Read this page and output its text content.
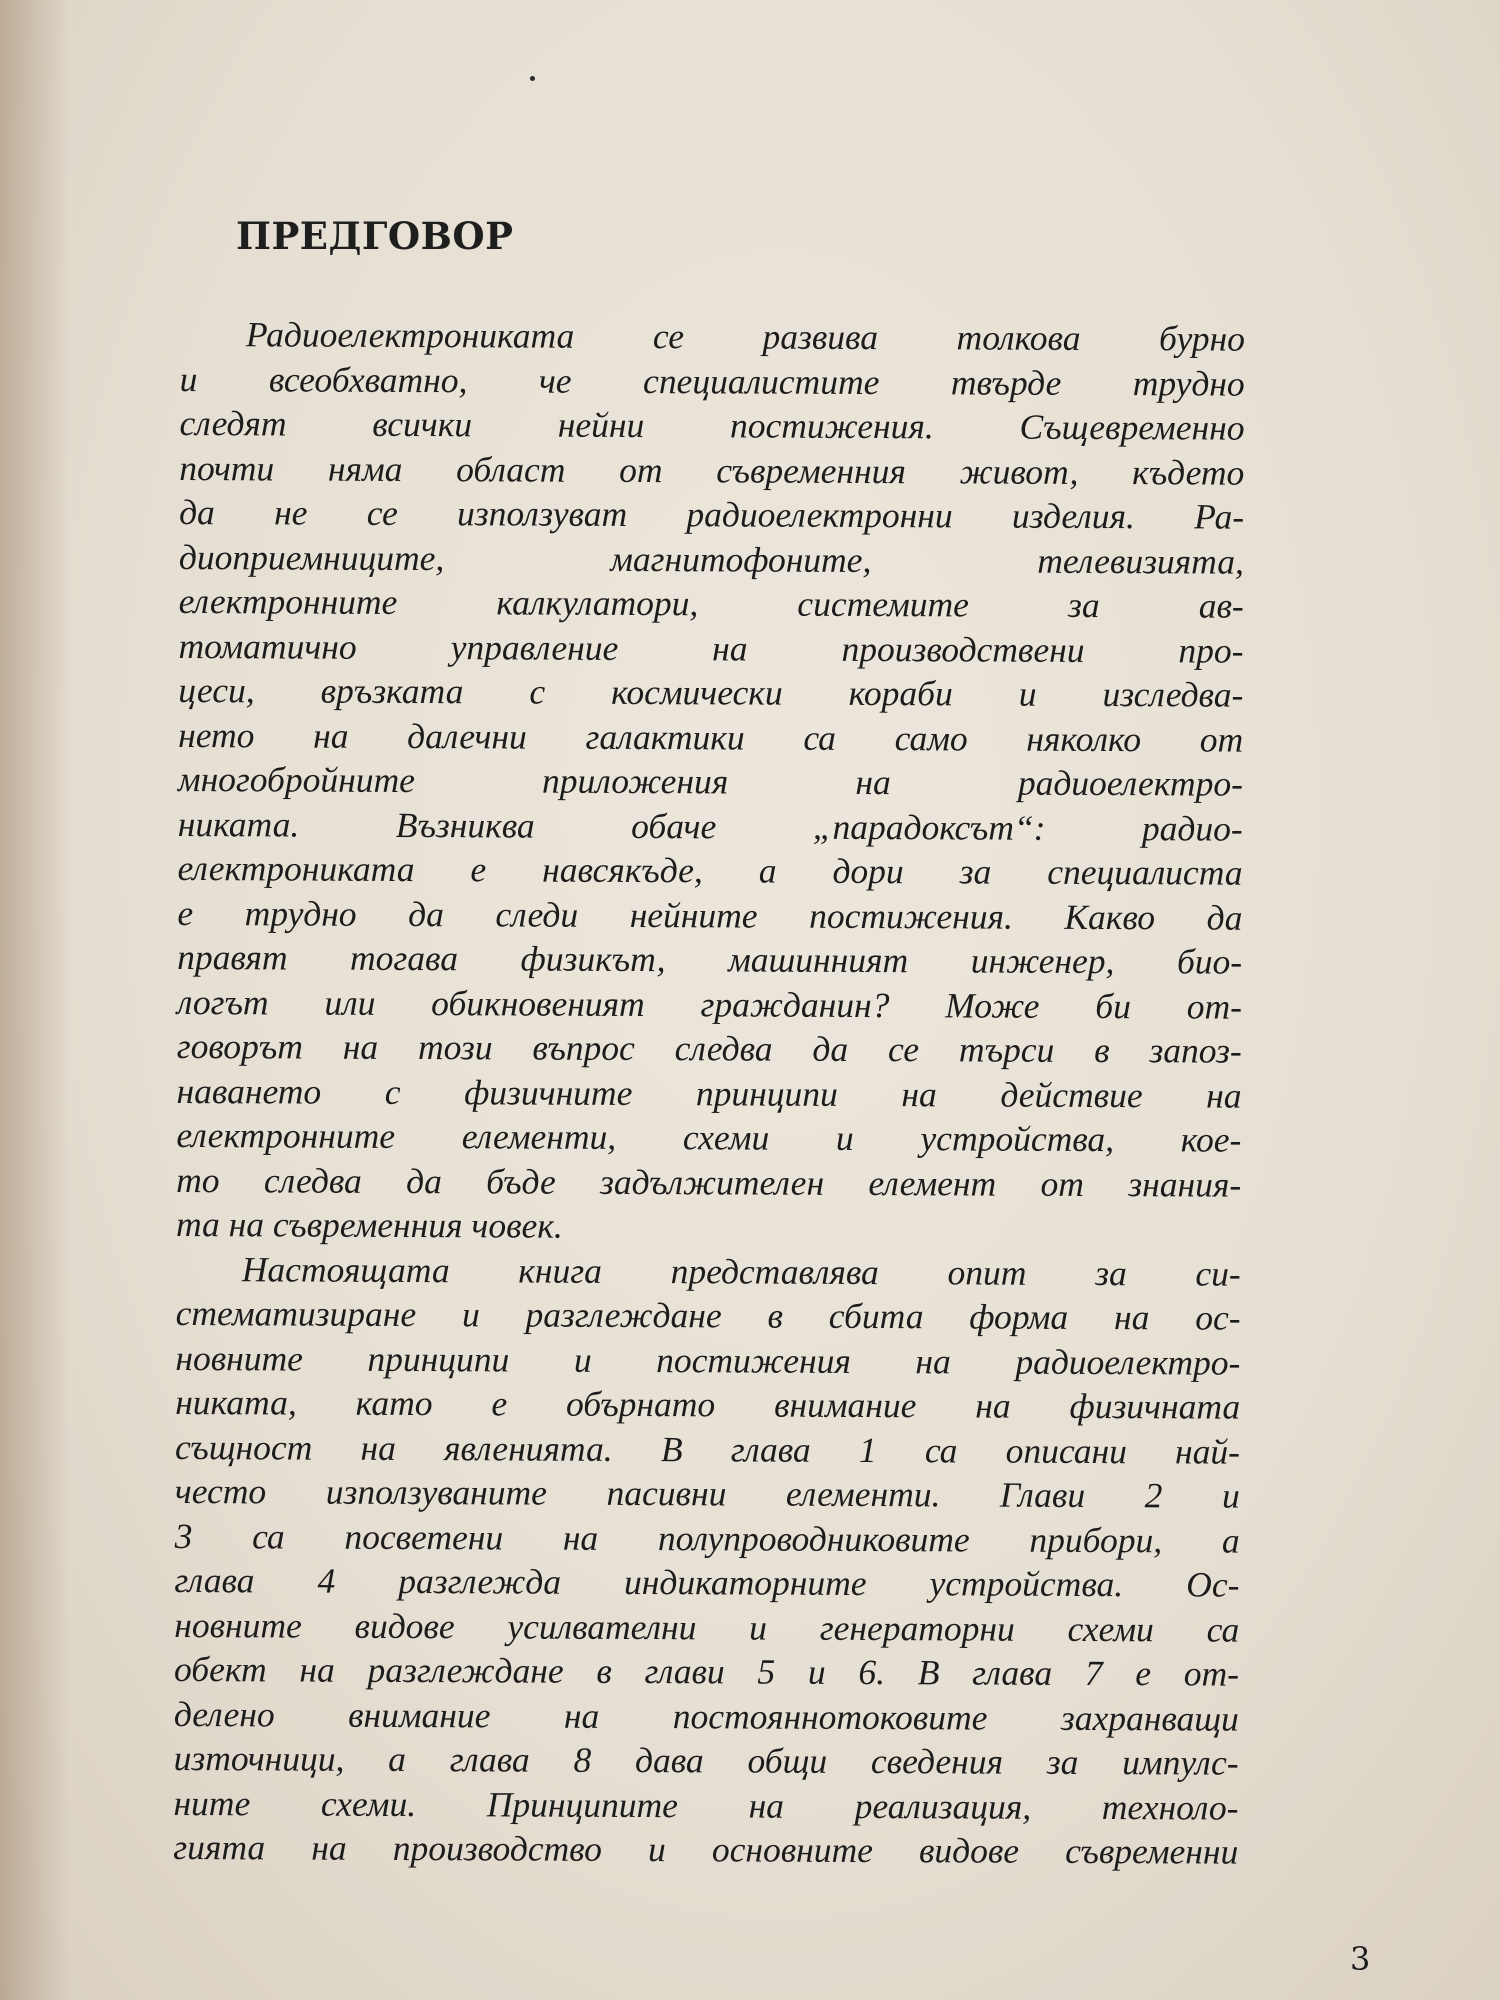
ПРЕДГОВОР
Радиоелектрониката се развива толкова бурно
и всеобхватно, че специалистите твърде трудно
следят всички нейни постижения. Същевременно
почти няма област от съвременния живот, където
да не се използуват радиоелектронни изделия. Ра-
диоприемниците, магнитофоните, телевизията,
електронните калкулатори, системите за ав-
томатично управление на производствени про-
цеси, връзката с космически кораби и изследва-
нето на далечни галактики са само няколко от
многобройните приложения на радиоелектро-
никата. Възниква обаче „парадоксът“: радио-
електрониката е навсякъде, а дори за специалиста
е трудно да следи нейните постижения. Какво да
правят тогава физикът, машинният инженер, био-
логът или обикновеният гражданин? Може би от-
говорът на този въпрос следва да се търси в запоз-
наването с физичните принципи на действие на
електронните елементи, схеми и устройства, кое-
то следва да бъде задължителен елемент от знания-
та на съвременния човек.
Настоящата книга представлява опит за си-
стематизиране и разглеждане в сбита форма на ос-
новните принципи и постижения на радиоелектро-
никата, като е обърнато внимание на физичната
същност на явленията. В глава 1 са описани най-
често използуваните пасивни елементи. Глави 2 и
3 са посветени на полупроводниковите прибори, а
глава 4 разглежда индикаторните устройства. Ос-
новните видове усилвателни и генераторни схеми са
обект на разглеждане в глави 5 и 6. В глава 7 е от-
делено внимание на постояннотоковите захранващи
източници, а глава 8 дава общи сведения за импулс-
ните схеми. Принципите на реализация, техноло-
гията на производство и основните видове съвременни
3
